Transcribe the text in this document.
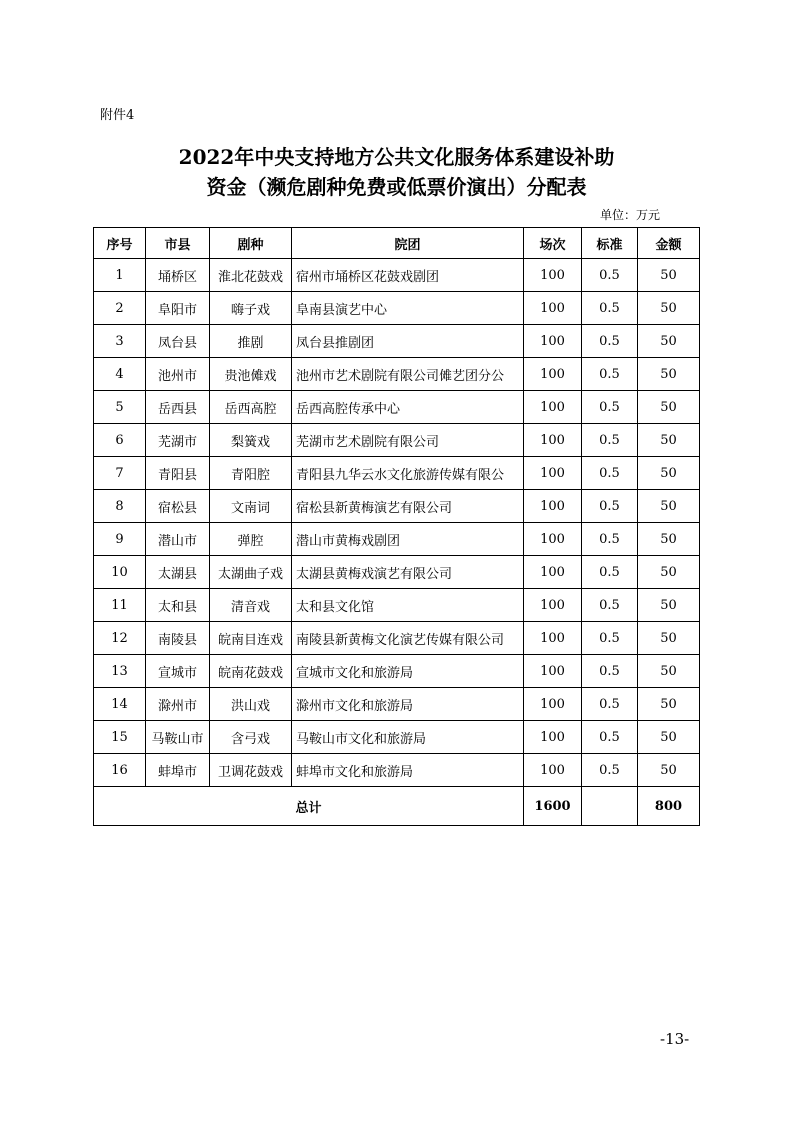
附件4
2022年中央支持地方公共文化服务体系建设补助
资金（濒危剧种免费或低票价演出）分配表
单位：万元
序号	市县	剧种	院团	场次	标准	金额
1	埇桥区	淮北花鼓戏	宿州市埇桥区花鼓戏剧团	100	0.5	50
2	阜阳市	嗨子戏	阜南县演艺中心	100	0.5	50
3	凤台县	推剧	凤台县推剧团	100	0.5	50
4	池州市	贵池傩戏	池州市艺术剧院有限公司傩艺团分公	100	0.5	50
5	岳西县	岳西高腔	岳西高腔传承中心	100	0.5	50
6	芜湖市	梨簧戏	芜湖市艺术剧院有限公司	100	0.5	50
7	青阳县	青阳腔	青阳县九华云水文化旅游传媒有限公	100	0.5	50
8	宿松县	文南词	宿松县新黄梅演艺有限公司	100	0.5	50
9	潜山市	弹腔	潜山市黄梅戏剧团	100	0.5	50
10	太湖县	太湖曲子戏	太湖县黄梅戏演艺有限公司	100	0.5	50
11	太和县	清音戏	太和县文化馆	100	0.5	50
12	南陵县	皖南目连戏	南陵县新黄梅文化演艺传媒有限公司	100	0.5	50
13	宣城市	皖南花鼓戏	宣城市文化和旅游局	100	0.5	50
14	滁州市	洪山戏	滁州市文化和旅游局	100	0.5	50
15	马鞍山市	含弓戏	马鞍山市文化和旅游局	100	0.5	50
16	蚌埠市	卫调花鼓戏	蚌埠市文化和旅游局	100	0.5	50
总计				1600		800
-13-
